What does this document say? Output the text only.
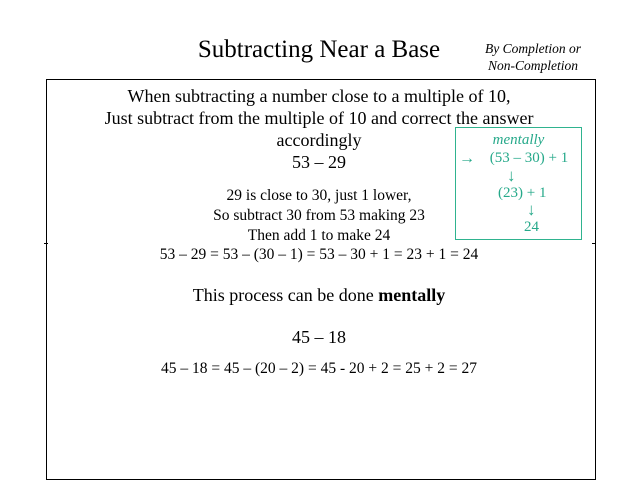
Subtracting Near a Base	By Completion or
Non-Completion
When subtracting a number close to a multiple of 10,
Just subtract from the multiple of 10 and correct the answer
accordingly
53 – 29
29 is close to 30, just 1 lower,
So subtract 30 from 53 making 23
Then add 1 to make 24
53 – 29 = 53 – (30 – 1) = 53 – 30 + 1 = 23 + 1 = 24
This process can be done mentally
45 – 18
45 – 18 = 45 – (20 – 2) = 45 - 20 + 2 = 25 + 2 = 27
mentally
→ (53 – 30) + 1
↓
(23) + 1
↓
24
